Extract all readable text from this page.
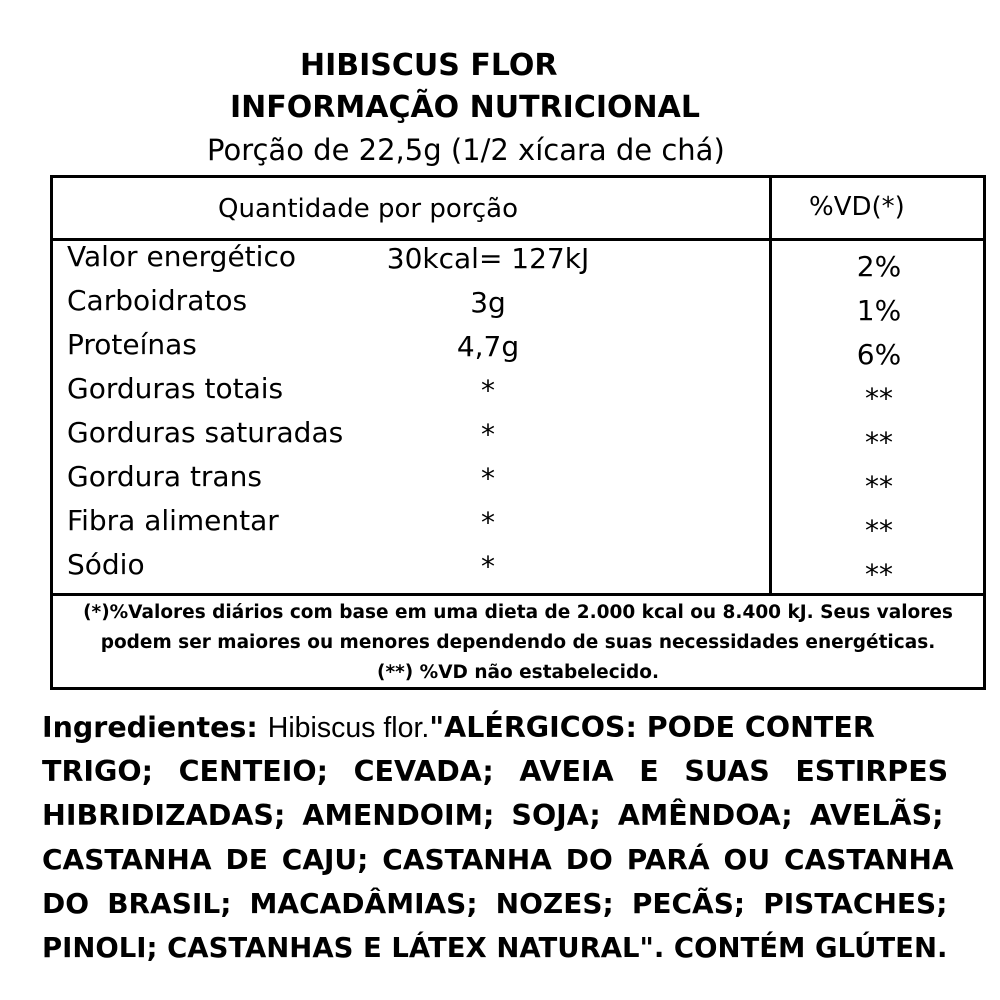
HIBISCUS FLOR
INFORMAÇÃO NUTRICIONAL
Porção de 22,5g (1/2 xícara de chá)
Quantidade por porção	%VD(*)
Valor energético	30kcal= 127kJ	2%
Carboidratos	3g	1%
Proteínas	4,7g	6%
Gorduras totais	*	**
Gorduras saturadas	*	**
Gordura trans	*	**
Fibra alimentar	*	**
Sódio	*	**
(*)%Valores diários com base em uma dieta de 2.000 kcal ou 8.400 kJ. Seus valores
podem ser maiores ou menores dependendo de suas necessidades energéticas.
(**) %VD não estabelecido.
Ingredientes: Hibiscus flor."ALÉRGICOS: PODE CONTER
TRIGO; CENTEIO; CEVADA; AVEIA E SUAS ESTIRPES
HIBRIDIZADAS; AMENDOIM; SOJA; AMÊNDOA; AVELÃS;
CASTANHA DE CAJU; CASTANHA DO PARÁ OU CASTANHA
DO BRASIL; MACADÂMIAS; NOZES; PECÃS; PISTACHES;
PINOLI; CASTANHAS E LÁTEX NATURAL". CONTÉM GLÚTEN.
